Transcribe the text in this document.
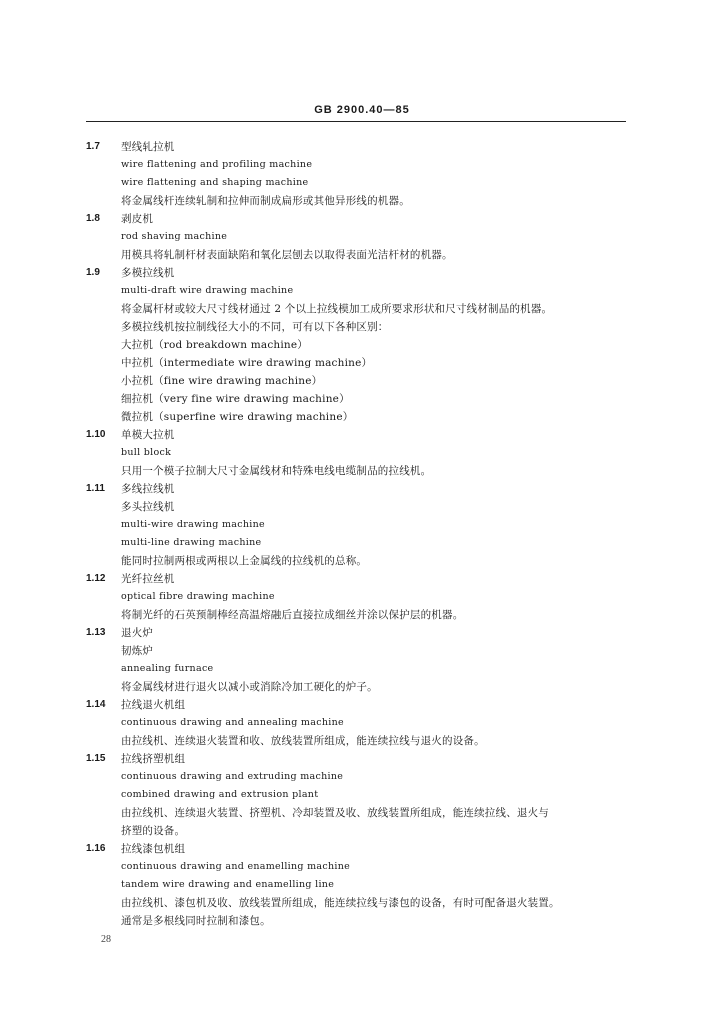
GB 2900.40—85
1.7	型线轧拉机
wire flattening and profiling machine
wire flattening and shaping machine
将金属线杆连续轧制和拉伸而制成扁形或其他异形线的机器。
1.8	剥皮机
rod shaving machine
用模具将轧制杆材表面缺陷和氧化层刨去以取得表面光洁杆材的机器。
1.9	多模拉线机
multi-draft wire drawing machine
将金属杆材或较大尺寸线材通过 2 个以上拉线模加工成所要求形状和尺寸线材制品的机器。
多模拉线机按拉制线径大小的不同，可有以下各种区别：
大拉机（rod breakdown machine）
中拉机（intermediate wire drawing machine）
小拉机（fine wire drawing machine）
细拉机（very fine wire drawing machine）
微拉机（superfine wire drawing machine）
1.10	单模大拉机
bull block
只用一个模子拉制大尺寸金属线材和特殊电线电缆制品的拉线机。
1.11	多线拉线机
多头拉线机
multi-wire drawing machine
multi-line drawing machine
能同时拉制两根或两根以上金属线的拉线机的总称。
1.12	光纤拉丝机
optical fibre drawing machine
将制光纤的石英预制棒经高温熔融后直接拉成细丝并涂以保护层的机器。
1.13	退火炉
韧炼炉
annealing furnace
将金属线材进行退火以减小或消除冷加工硬化的炉子。
1.14	拉线退火机组
continuous drawing and annealing machine
由拉线机、连续退火装置和收、放线装置所组成，能连续拉线与退火的设备。
1.15	拉线挤塑机组
continuous drawing and extruding machine
combined drawing and extrusion plant
由拉线机、连续退火装置、挤塑机、冷却装置及收、放线装置所组成，能连续拉线、退火与
挤塑的设备。
1.16	拉线漆包机组
continuous drawing and enamelling machine
tandem wire drawing and enamelling line
由拉线机、漆包机及收、放线装置所组成，能连续拉线与漆包的设备，有时可配备退火装置。
通常是多根线同时拉制和漆包。
28
